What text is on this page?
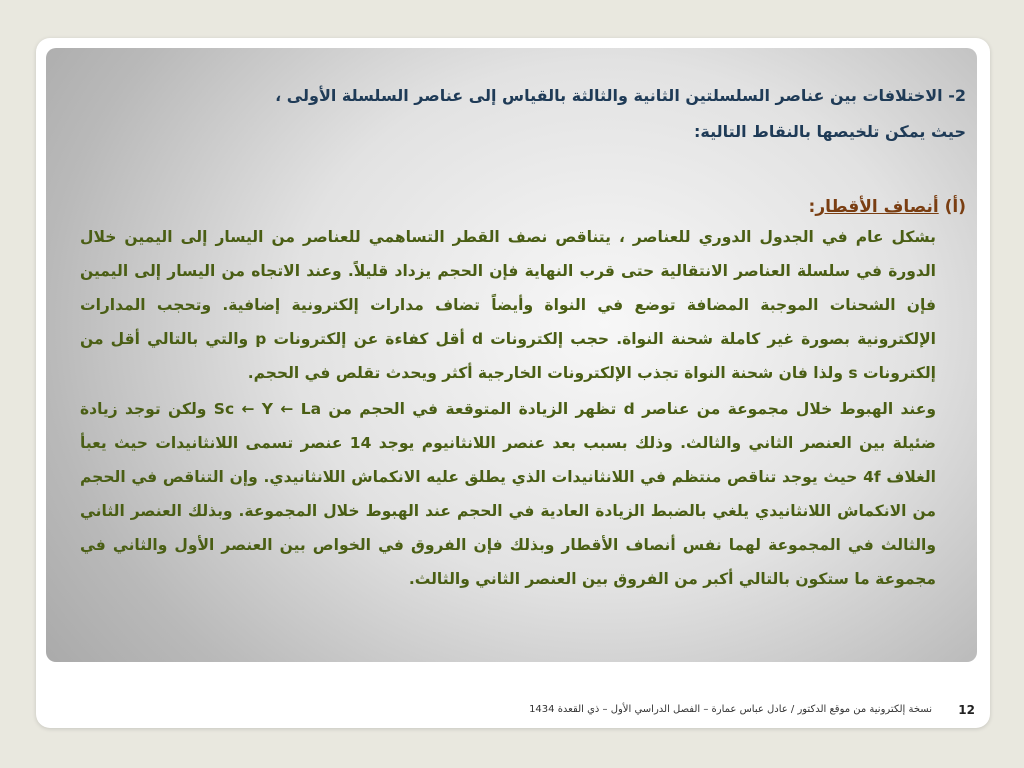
2- الاختلافات بين عناصر السلسلتين الثانية والثالثة بالقياس إلى عناصر السلسلة الأولى ،

حيث يمكن تلخيصها بالنقاط التالية:

(أ) أنصاف الأقطار:

بشكل عام في الجدول الدوري للعناصر ، يتناقص نصف القطر التساهمي للعناصر من اليسار إلى اليمين خلال الدورة في سلسلة العناصر الانتقالية حتى قرب النهاية فإن الحجم يزداد قليلاً. وعند الاتجاه من اليسار إلى اليمين فإن الشحنات الموجبة المضافة توضع في النواة وأيضاً تضاف مدارات إلكترونية إضافية. وتحجب المدارات الإلكترونية بصورة غير كاملة شحنة النواة. حجب إلكترونات d أقل كفاءة عن إلكترونات p والتي بالتالي أقل من إلكترونات s ولذا فان شحنة النواة تجذب الإلكترونات الخارجية أكثر ويحدث تقلص في الحجم.

وعند الهبوط خلال مجموعة من عناصر d تظهر الزيادة المتوقعة في الحجم من Sc ← Y ← La ولكن توجد زيادة ضئيلة بين العنصر الثاني والثالث. وذلك بسبب بعد عنصر اللانثانيوم يوجد 14 عنصر تسمى اللانثانيدات حيث يعبأ الغلاف 4f حيث يوجد تناقص منتظم في اللانثانيدات الذي يطلق عليه الانكماش اللانثانيدي. وإن التناقص في الحجم من الانكماش اللانثانيدي يلغي بالضبط الزيادة العادية في الحجم عند الهبوط خلال المجموعة. وبذلك العنصر الثاني والثالث في المجموعة لهما نفس أنصاف الأقطار وبذلك فإن الفروق في الخواص بين العنصر الأول والثاني في مجموعة ما ستكون بالتالي أكبر من الفروق بين العنصر الثاني والثالث.

12
نسخة إلكترونية من موقع الدكتور / عادل عباس عمارة – الفصل الدراسي الأول – ذي القعدة 1434
